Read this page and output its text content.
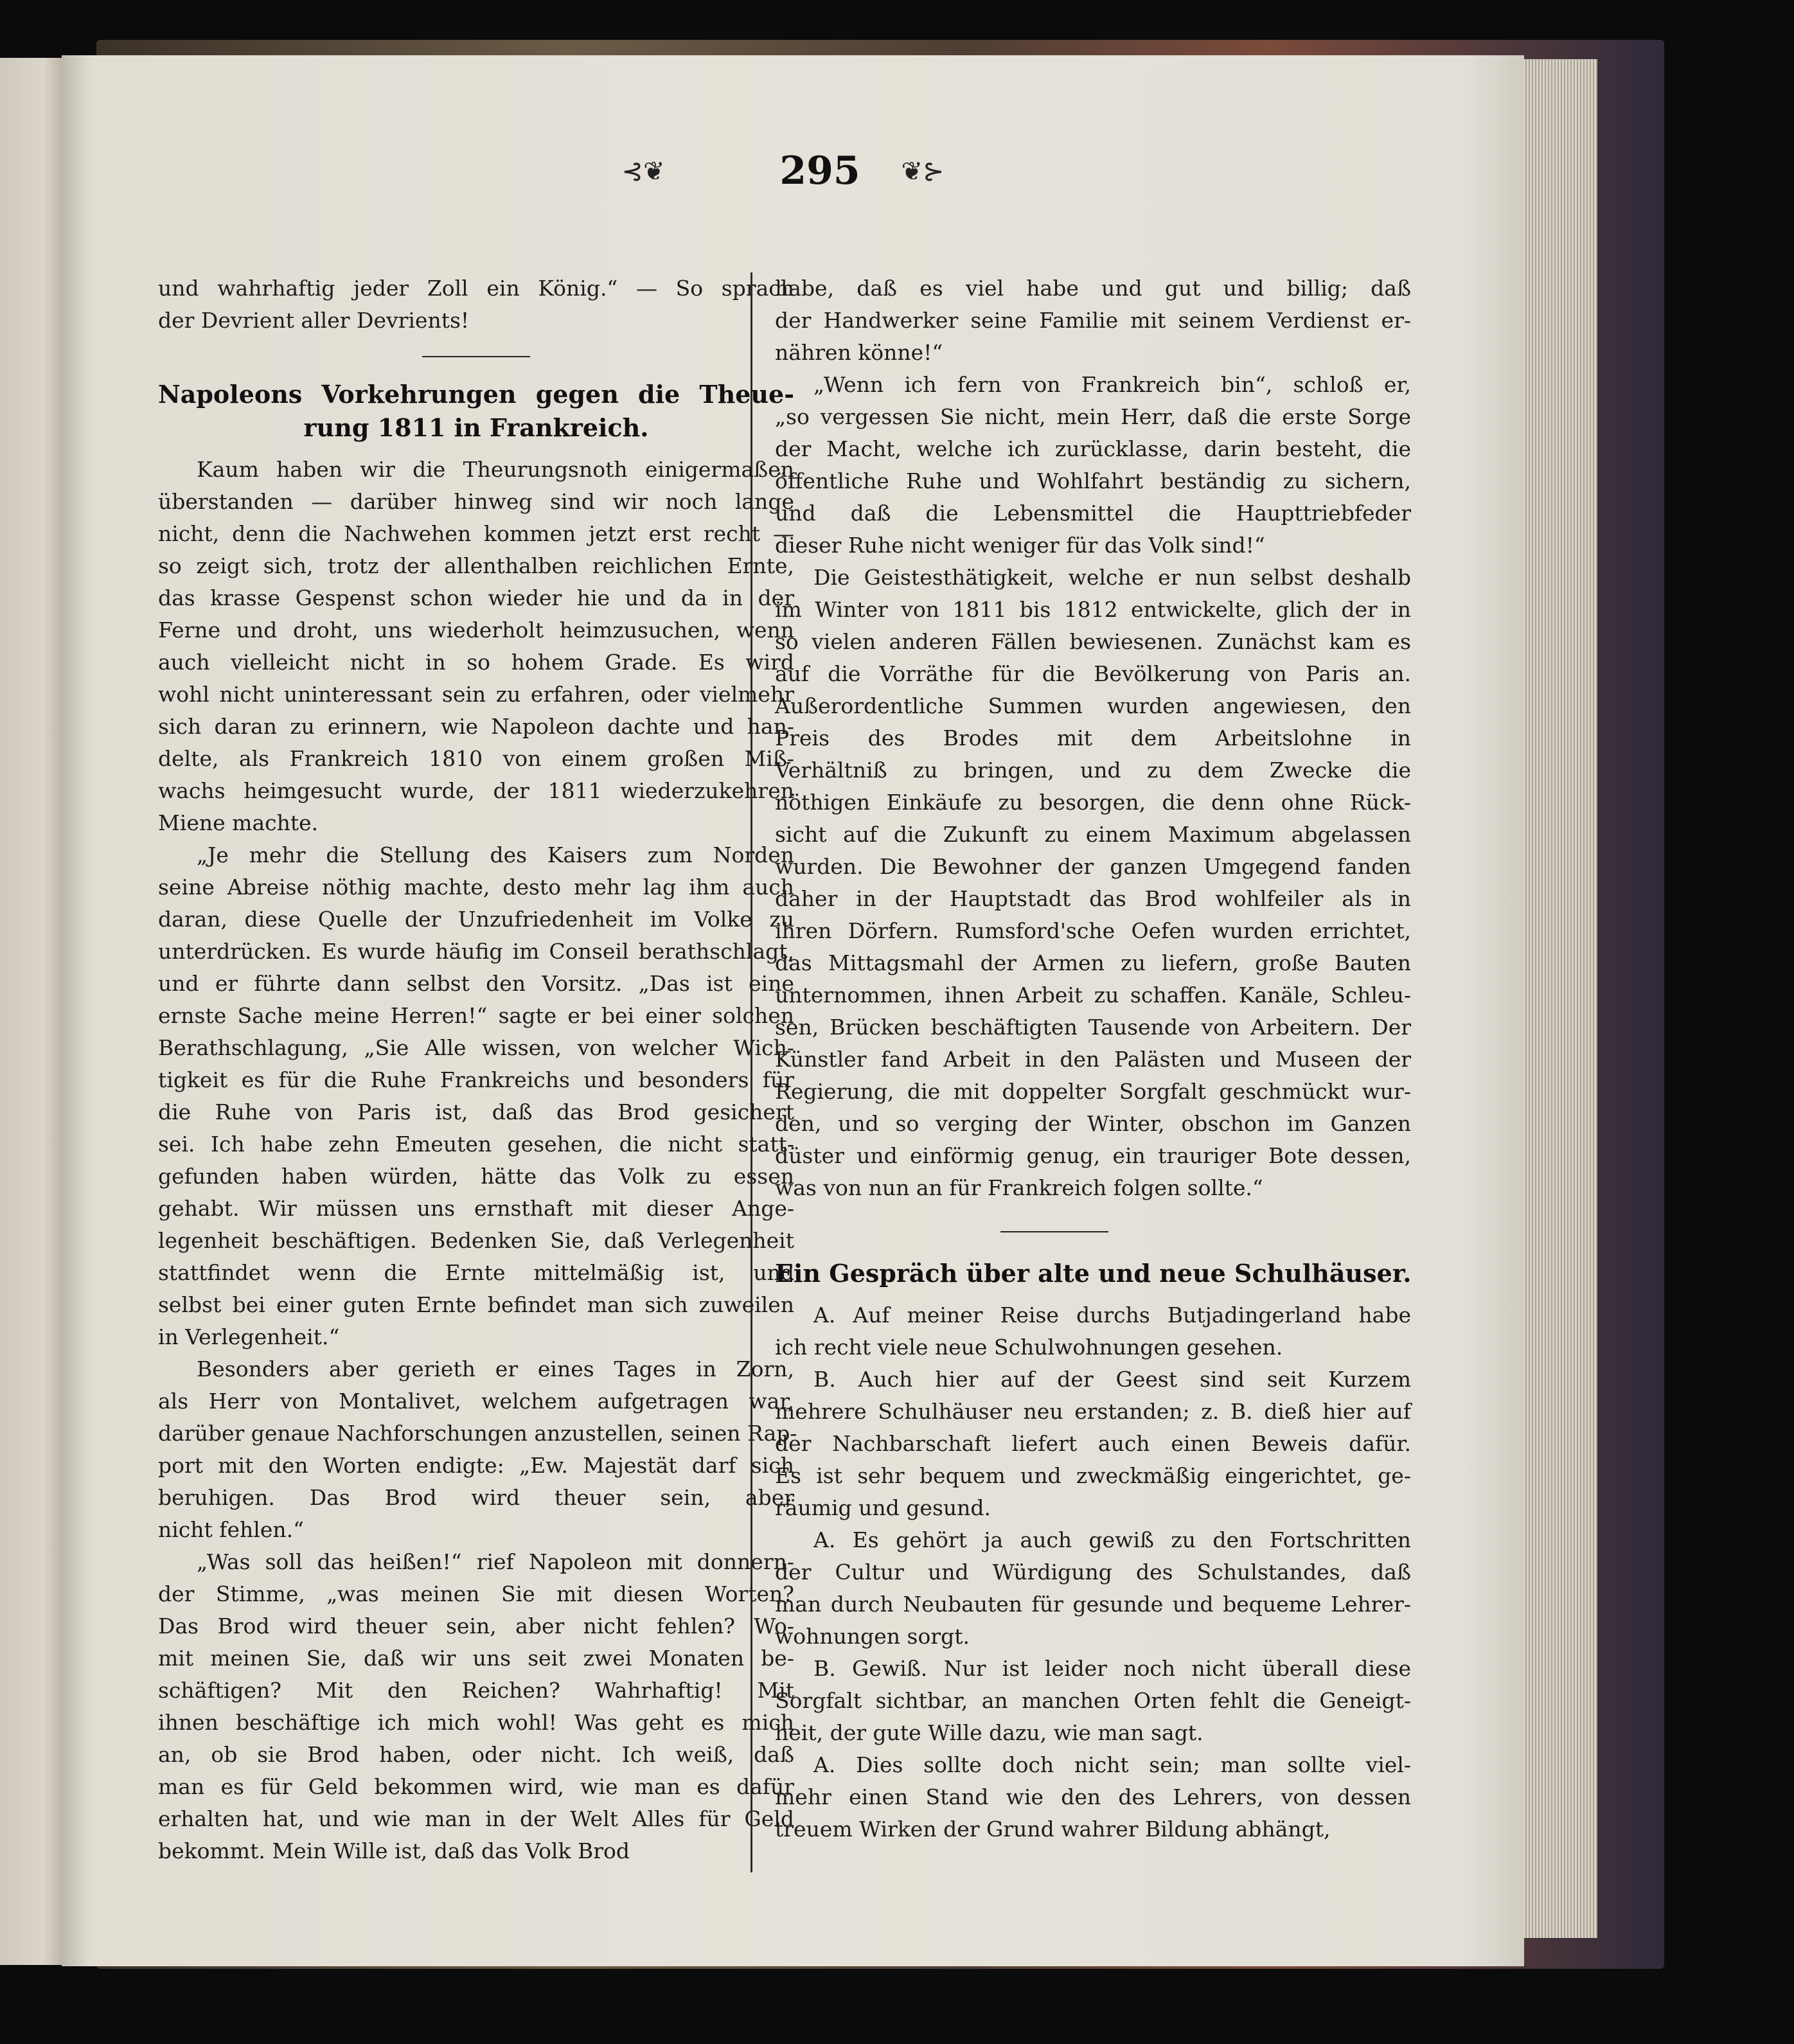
⊰❦	295	❦⊱
und wahrhaftig jeder Zoll ein König.“ — So sprach
der Devrient aller Devrients!
Napoleons Vorkehrungen gegen die Theue-
rung 1811 in Frankreich.
Kaum haben wir die Theurungsnoth einigermaßen
überstanden — darüber hinweg sind wir noch lange
nicht, denn die Nachwehen kommen jetzt erst recht —
so zeigt sich, trotz der allenthalben reichlichen Ernte,
das krasse Gespenst schon wieder hie und da in der
Ferne und droht, uns wiederholt heimzusuchen, wenn
auch vielleicht nicht in so hohem Grade. Es wird
wohl nicht uninteressant sein zu erfahren, oder vielmehr
sich daran zu erinnern, wie Napoleon dachte und han-
delte, als Frankreich 1810 von einem großen Miß-
wachs heimgesucht wurde, der 1811 wiederzukehren
Miene machte.
„Je mehr die Stellung des Kaisers zum Norden
seine Abreise nöthig machte, desto mehr lag ihm auch
daran, diese Quelle der Unzufriedenheit im Volke zu
unterdrücken. Es wurde häufig im Conseil berathschlagt,
und er führte dann selbst den Vorsitz. „Das ist eine
ernste Sache meine Herren!“ sagte er bei einer solchen
Berathschlagung, „Sie Alle wissen, von welcher Wich-
tigkeit es für die Ruhe Frankreichs und besonders für
die Ruhe von Paris ist, daß das Brod gesichert
sei. Ich habe zehn Emeuten gesehen, die nicht statt-
gefunden haben würden, hätte das Volk zu essen
gehabt. Wir müssen uns ernsthaft mit dieser Ange-
legenheit beschäftigen. Bedenken Sie, daß Verlegenheit
stattfindet wenn die Ernte mittelmäßig ist, und
selbst bei einer guten Ernte befindet man sich zuweilen
in Verlegenheit.“
Besonders aber gerieth er eines Tages in Zorn,
als Herr von Montalivet, welchem aufgetragen war,
darüber genaue Nachforschungen anzustellen, seinen Rap-
port mit den Worten endigte: „Ew. Majestät darf sich
beruhigen. Das Brod wird theuer sein, aber
nicht fehlen.“
„Was soll das heißen!“ rief Napoleon mit donnern-
der Stimme, „was meinen Sie mit diesen Worten?
Das Brod wird theuer sein, aber nicht fehlen? Wo-
mit meinen Sie, daß wir uns seit zwei Monaten be-
schäftigen? Mit den Reichen? Wahrhaftig! Mit
ihnen beschäftige ich mich wohl! Was geht es mich
an, ob sie Brod haben, oder nicht. Ich weiß, daß
man es für Geld bekommen wird, wie man es dafür
erhalten hat, und wie man in der Welt Alles für Geld
bekommt. Mein Wille ist, daß das Volk Brod
habe, daß es viel habe und gut und billig; daß
der Handwerker seine Familie mit seinem Verdienst er-
nähren könne!“
„Wenn ich fern von Frankreich bin“, schloß er,
„so vergessen Sie nicht, mein Herr, daß die erste Sorge
der Macht, welche ich zurücklasse, darin besteht, die
öffentliche Ruhe und Wohlfahrt beständig zu sichern,
und daß die Lebensmittel die Haupttriebfeder
dieser Ruhe nicht weniger für das Volk sind!“
Die Geistesthätigkeit, welche er nun selbst deshalb
im Winter von 1811 bis 1812 entwickelte, glich der in
so vielen anderen Fällen bewiesenen. Zunächst kam es
auf die Vorräthe für die Bevölkerung von Paris an.
Außerordentliche Summen wurden angewiesen, den
Preis des Brodes mit dem Arbeitslohne in
Verhältniß zu bringen, und zu dem Zwecke die
nöthigen Einkäufe zu besorgen, die denn ohne Rück-
sicht auf die Zukunft zu einem Maximum abgelassen
wurden. Die Bewohner der ganzen Umgegend fanden
daher in der Hauptstadt das Brod wohlfeiler als in
ihren Dörfern. Rumsford'sche Oefen wurden errichtet,
das Mittagsmahl der Armen zu liefern, große Bauten
unternommen, ihnen Arbeit zu schaffen. Kanäle, Schleu-
sen, Brücken beschäftigten Tausende von Arbeitern. Der
Künstler fand Arbeit in den Palästen und Museen der
Regierung, die mit doppelter Sorgfalt geschmückt wur-
den, und so verging der Winter, obschon im Ganzen
düster und einförmig genug, ein trauriger Bote dessen,
was von nun an für Frankreich folgen sollte.“
Ein Gespräch über alte und neue Schulhäuser.
A. Auf meiner Reise durchs Butjadingerland habe
ich recht viele neue Schulwohnungen gesehen.
B. Auch hier auf der Geest sind seit Kurzem
mehrere Schulhäuser neu erstanden; z. B. dieß hier auf
der Nachbarschaft liefert auch einen Beweis dafür.
Es ist sehr bequem und zweckmäßig eingerichtet, ge-
räumig und gesund.
A. Es gehört ja auch gewiß zu den Fortschritten
der Cultur und Würdigung des Schulstandes, daß
man durch Neubauten für gesunde und bequeme Lehrer-
wohnungen sorgt.
B. Gewiß. Nur ist leider noch nicht überall diese
Sorgfalt sichtbar, an manchen Orten fehlt die Geneigt-
heit, der gute Wille dazu, wie man sagt.
A. Dies sollte doch nicht sein; man sollte viel-
mehr einen Stand wie den des Lehrers, von dessen
treuem Wirken der Grund wahrer Bildung abhängt,
